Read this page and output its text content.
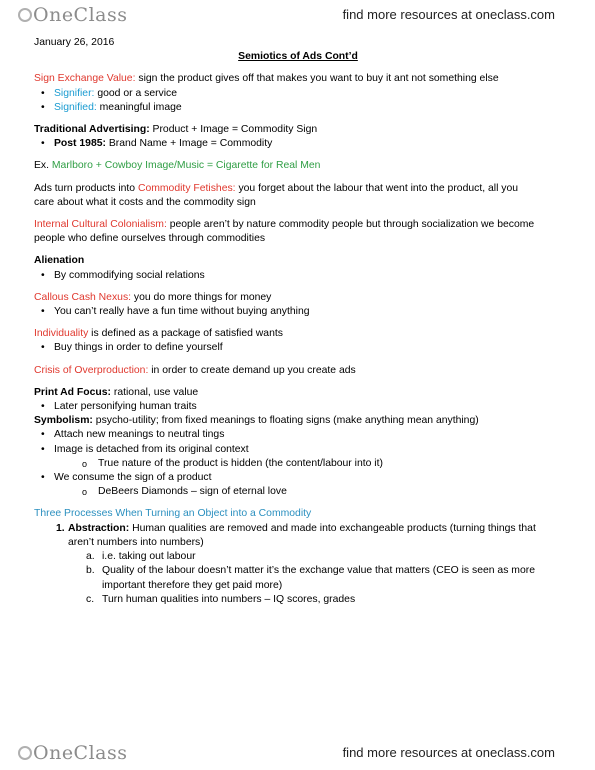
OneClass	find more resources at oneclass.com
January 26, 2016
Semiotics of Ads Cont’d
Sign Exchange Value: sign the product gives off that makes you want to buy it ant not something else
• Signifier: good or a service
• Signified: meaningful image
Traditional Advertising: Product + Image = Commodity Sign
• Post 1985: Brand Name + Image = Commodity
Ex. Marlboro + Cowboy Image/Music = Cigarette for Real Men
Ads turn products into Commodity Fetishes: you forget about the labour that went into the product, all you
care about what it costs and the commodity sign
Internal Cultural Colonialism: people aren’t by nature commodity people but through socialization we become
people who define ourselves through commodities
Alienation
• By commodifying social relations
Callous Cash Nexus: you do more things for money
• You can’t really have a fun time without buying anything
Individuality is defined as a package of satisfied wants
• Buy things in order to define yourself
Crisis of Overproduction: in order to create demand up you create ads
Print Ad Focus: rational, use value
• Later personifying human traits
Symbolism: psycho-utility; from fixed meanings to floating signs (make anything mean anything)
• Attach new meanings to neutral tings
• Image is detached from its original context
o True nature of the product is hidden (the content/labour into it)
• We consume the sign of a product
o DeBeers Diamonds – sign of eternal love
Three Processes When Turning an Object into a Commodity
1. Abstraction: Human qualities are removed and made into exchangeable products (turning things that
aren’t numbers into numbers)
a. i.e. taking out labour
b. Quality of the labour doesn’t matter it’s the exchange value that matters (CEO is seen as more
important therefore they get paid more)
c. Turn human qualities into numbers – IQ scores, grades
OneClass	find more resources at oneclass.com
